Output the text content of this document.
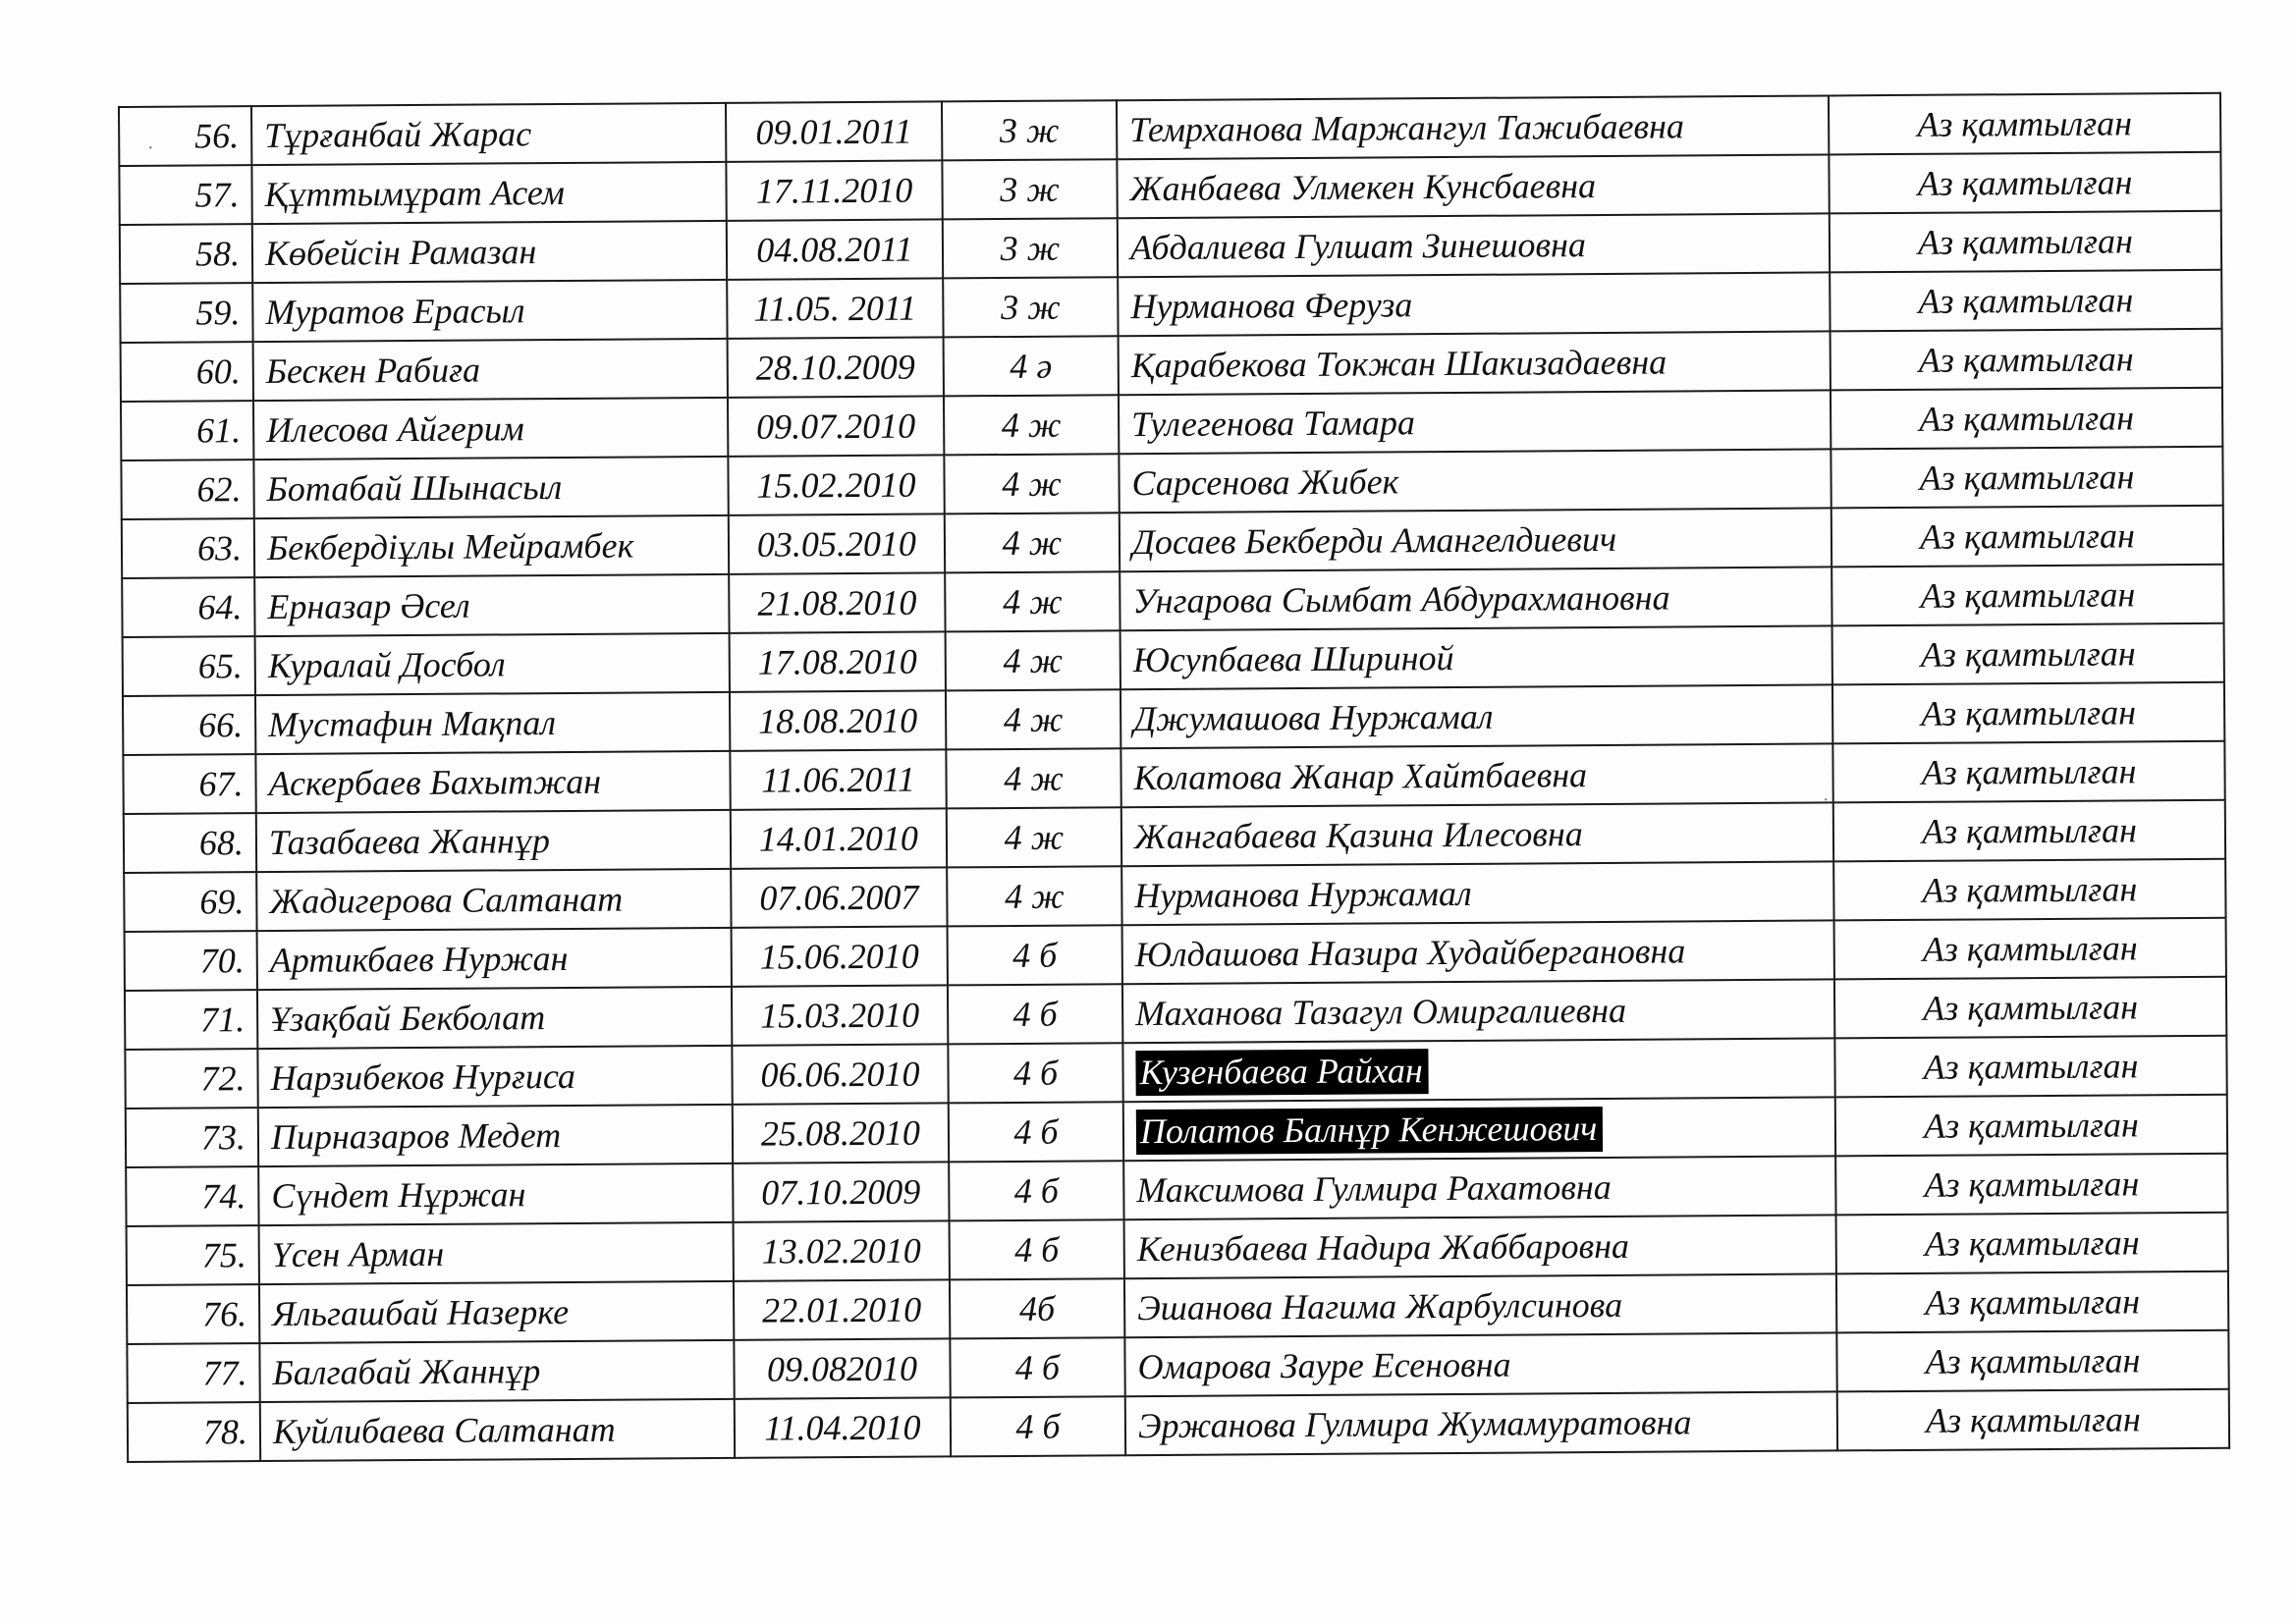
56.	Тұрғанбай Жарас	09.01.2011	3 ж	Темрханова Маржангул Тажибаевна	Аз қамтылған
57.	Құттымұрат Асем	17.11.2010	3 ж	Жанбаева Улмекен Кунсбаевна	Аз қамтылған
58.	Көбейсін Рамазан	04.08.2011	3 ж	Абдалиева Гулшат Зинешовна	Аз қамтылған
59.	Муратов Ерасыл	11.05. 2011	3 ж	Нурманова Феруза	Аз қамтылған
60.	Бескен Рабиға	28.10.2009	4 ә	Қарабекова Токжан Шакизадаевна	Аз қамтылған
61.	Илесова Айгерим	09.07.2010	4 ж	Тулегенова Тамара	Аз қамтылған
62.	Ботабай Шынасыл	15.02.2010	4 ж	Сарсенова Жибек	Аз қамтылған
63.	Бекбердіұлы Мейрамбек	03.05.2010	4 ж	Досаев Бекберди Амангелдиевич	Аз қамтылған
64.	Ерназар Әсел	21.08.2010	4 ж	Унгарова Сымбат Абдурахмановна	Аз қамтылған
65.	Куралай Досбол	17.08.2010	4 ж	Юсупбаева Ширинoй	Аз қамтылған
66.	Мустафин Мақпал	18.08.2010	4 ж	Джумашова Нуржамал	Аз қамтылған
67.	Аскербаев Бахытжан	11.06.2011	4 ж	Колатова Жанар Хайтбаевна	Аз қамтылған
68.	Тазабаева Жаннұр	14.01.2010	4 ж	Жангабаева Қазина Илесовна	Аз қамтылған
69.	Жадигерова Салтанат	07.06.2007	4 ж	Нурманова Нуржамал	Аз қамтылған
70.	Артикбаев Нуржан	15.06.2010	4 б	Юлдашова Назира Худайбергановна	Аз қамтылған
71.	Ұзақбай Бекболат	15.03.2010	4 б	Маханова Тазагул Омиргалиевна	Аз қамтылған
72.	Нарзибеков Нурғиса	06.06.2010	4 б	Кузенбаева Райхан	Аз қамтылған
73.	Пирназаров Медет	25.08.2010	4 б	Полатов Балнұр Кенжешович	Аз қамтылған
74.	Сүндет Нұржан	07.10.2009	4 б	Максимова Гулмира Рахатовна	Аз қамтылған
75.	Үсен Арман	13.02.2010	4 б	Кенизбаева Надира Жаббаровна	Аз қамтылған
76.	Яльгашбай Назерке	22.01.2010	4б	Эшанова Нагима Жарбулсинова	Аз қамтылған
77.	Балгабай Жаннұр	09.082010	4 б	Омарова Зауре Есеновна	Аз қамтылған
78.	Куйлибаева Салтанат	11.04.2010	4 б	Эржанова Гулмира Жумамуратовна	Аз қамтылған
·
·
